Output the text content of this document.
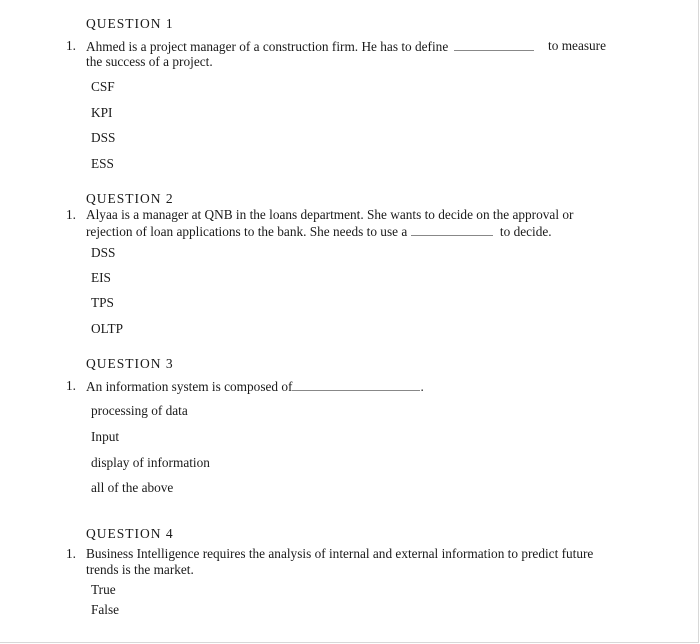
QUESTION 1
1. Ahmed is a project manager of a construction firm. He has to define	to measure
the success of a project.
CSF
KPI
DSS
ESS
QUESTION 2
1. Alyaa is a manager at QNB in the loans department. She wants to decide on the approval or
rejection of loan applications to the bank. She needs to use a	to decide.
DSS
EIS
TPS
OLTP
QUESTION 3
1. An information system is composed of	.
processing of data
Input
display of information
all of the above
QUESTION 4
1. Business Intelligence requires the analysis of internal and external information to predict future
trends is the market.
True
False
